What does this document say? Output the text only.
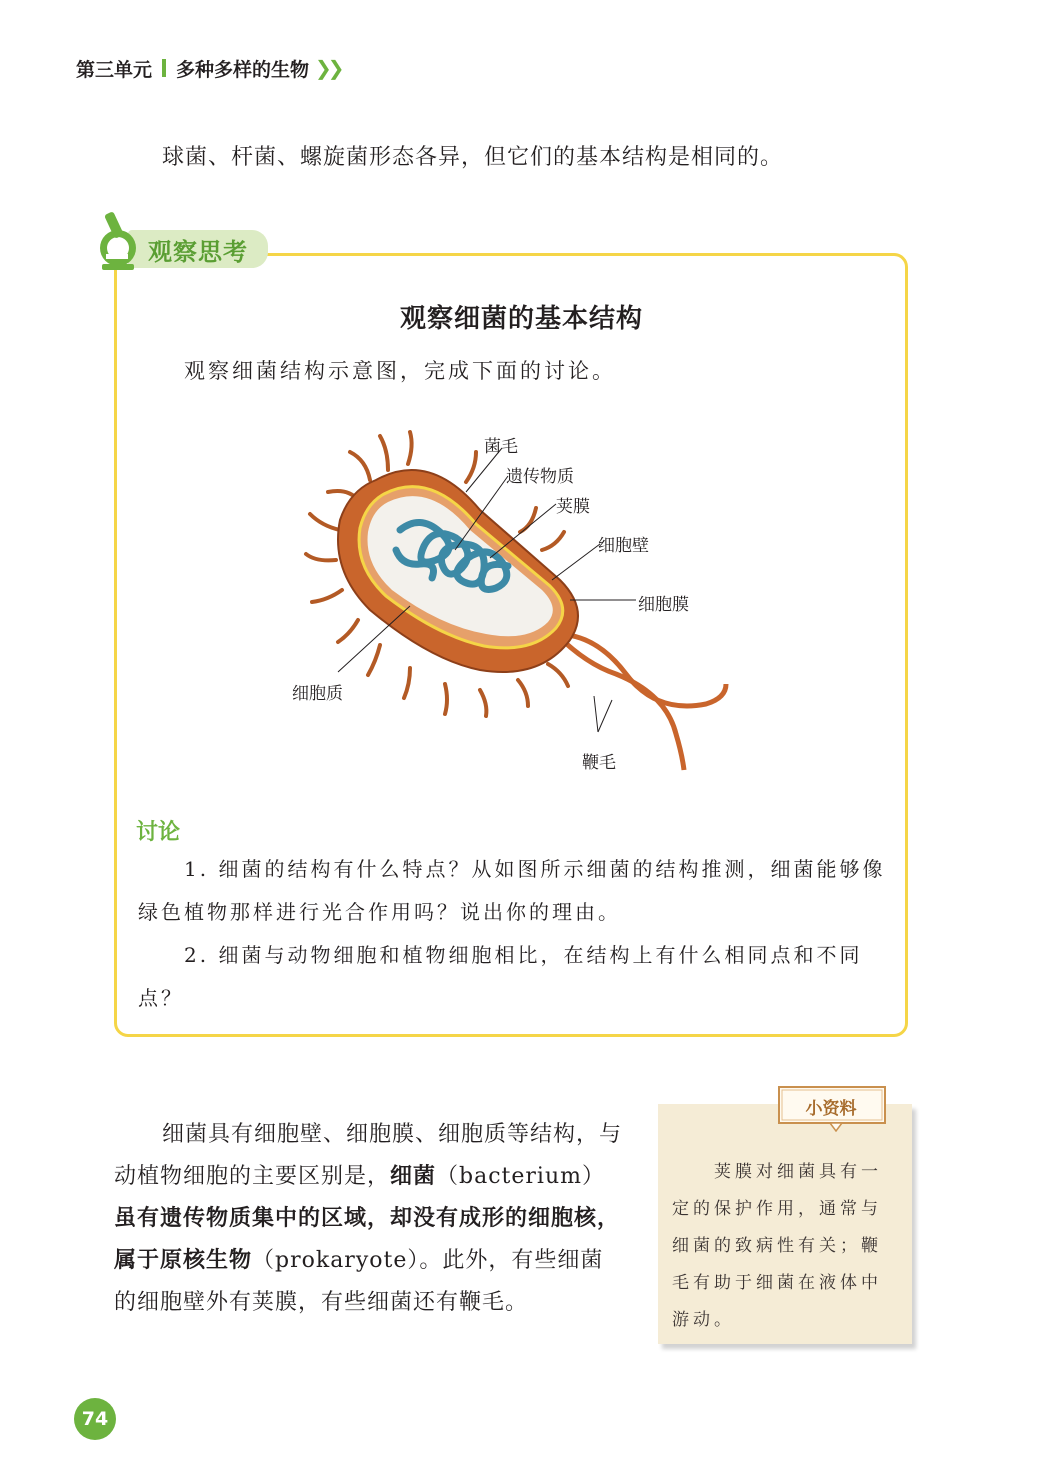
第三单元 多种多样的生物 ❯❯
球菌、杆菌、螺旋菌形态各异，但它们的基本结构是相同的。
观察思考
观察细菌的基本结构
观察细菌结构示意图，完成下面的讨论。
菌毛
遗传物质
荚膜
细胞壁
细胞膜
细胞质
鞭毛
讨论
1. 细菌的结构有什么特点？从如图所示细菌的结构推测，细菌能够像绿色植物那样进行光合作用吗？说出你的理由。
2. 细菌与动物细胞和植物细胞相比，在结构上有什么相同点和不同点？
细菌具有细胞壁、细胞膜、细胞质等结构，与动植物细胞的主要区别是，细菌（bacterium）虽有遗传物质集中的区域，却没有成形的细胞核，属于原核生物（prokaryote）。此外，有些细菌的细胞壁外有荚膜，有些细菌还有鞭毛。
小资料
荚膜对细菌具有一定的保护作用，通常与细菌的致病性有关；鞭毛有助于细菌在液体中游动。
74
